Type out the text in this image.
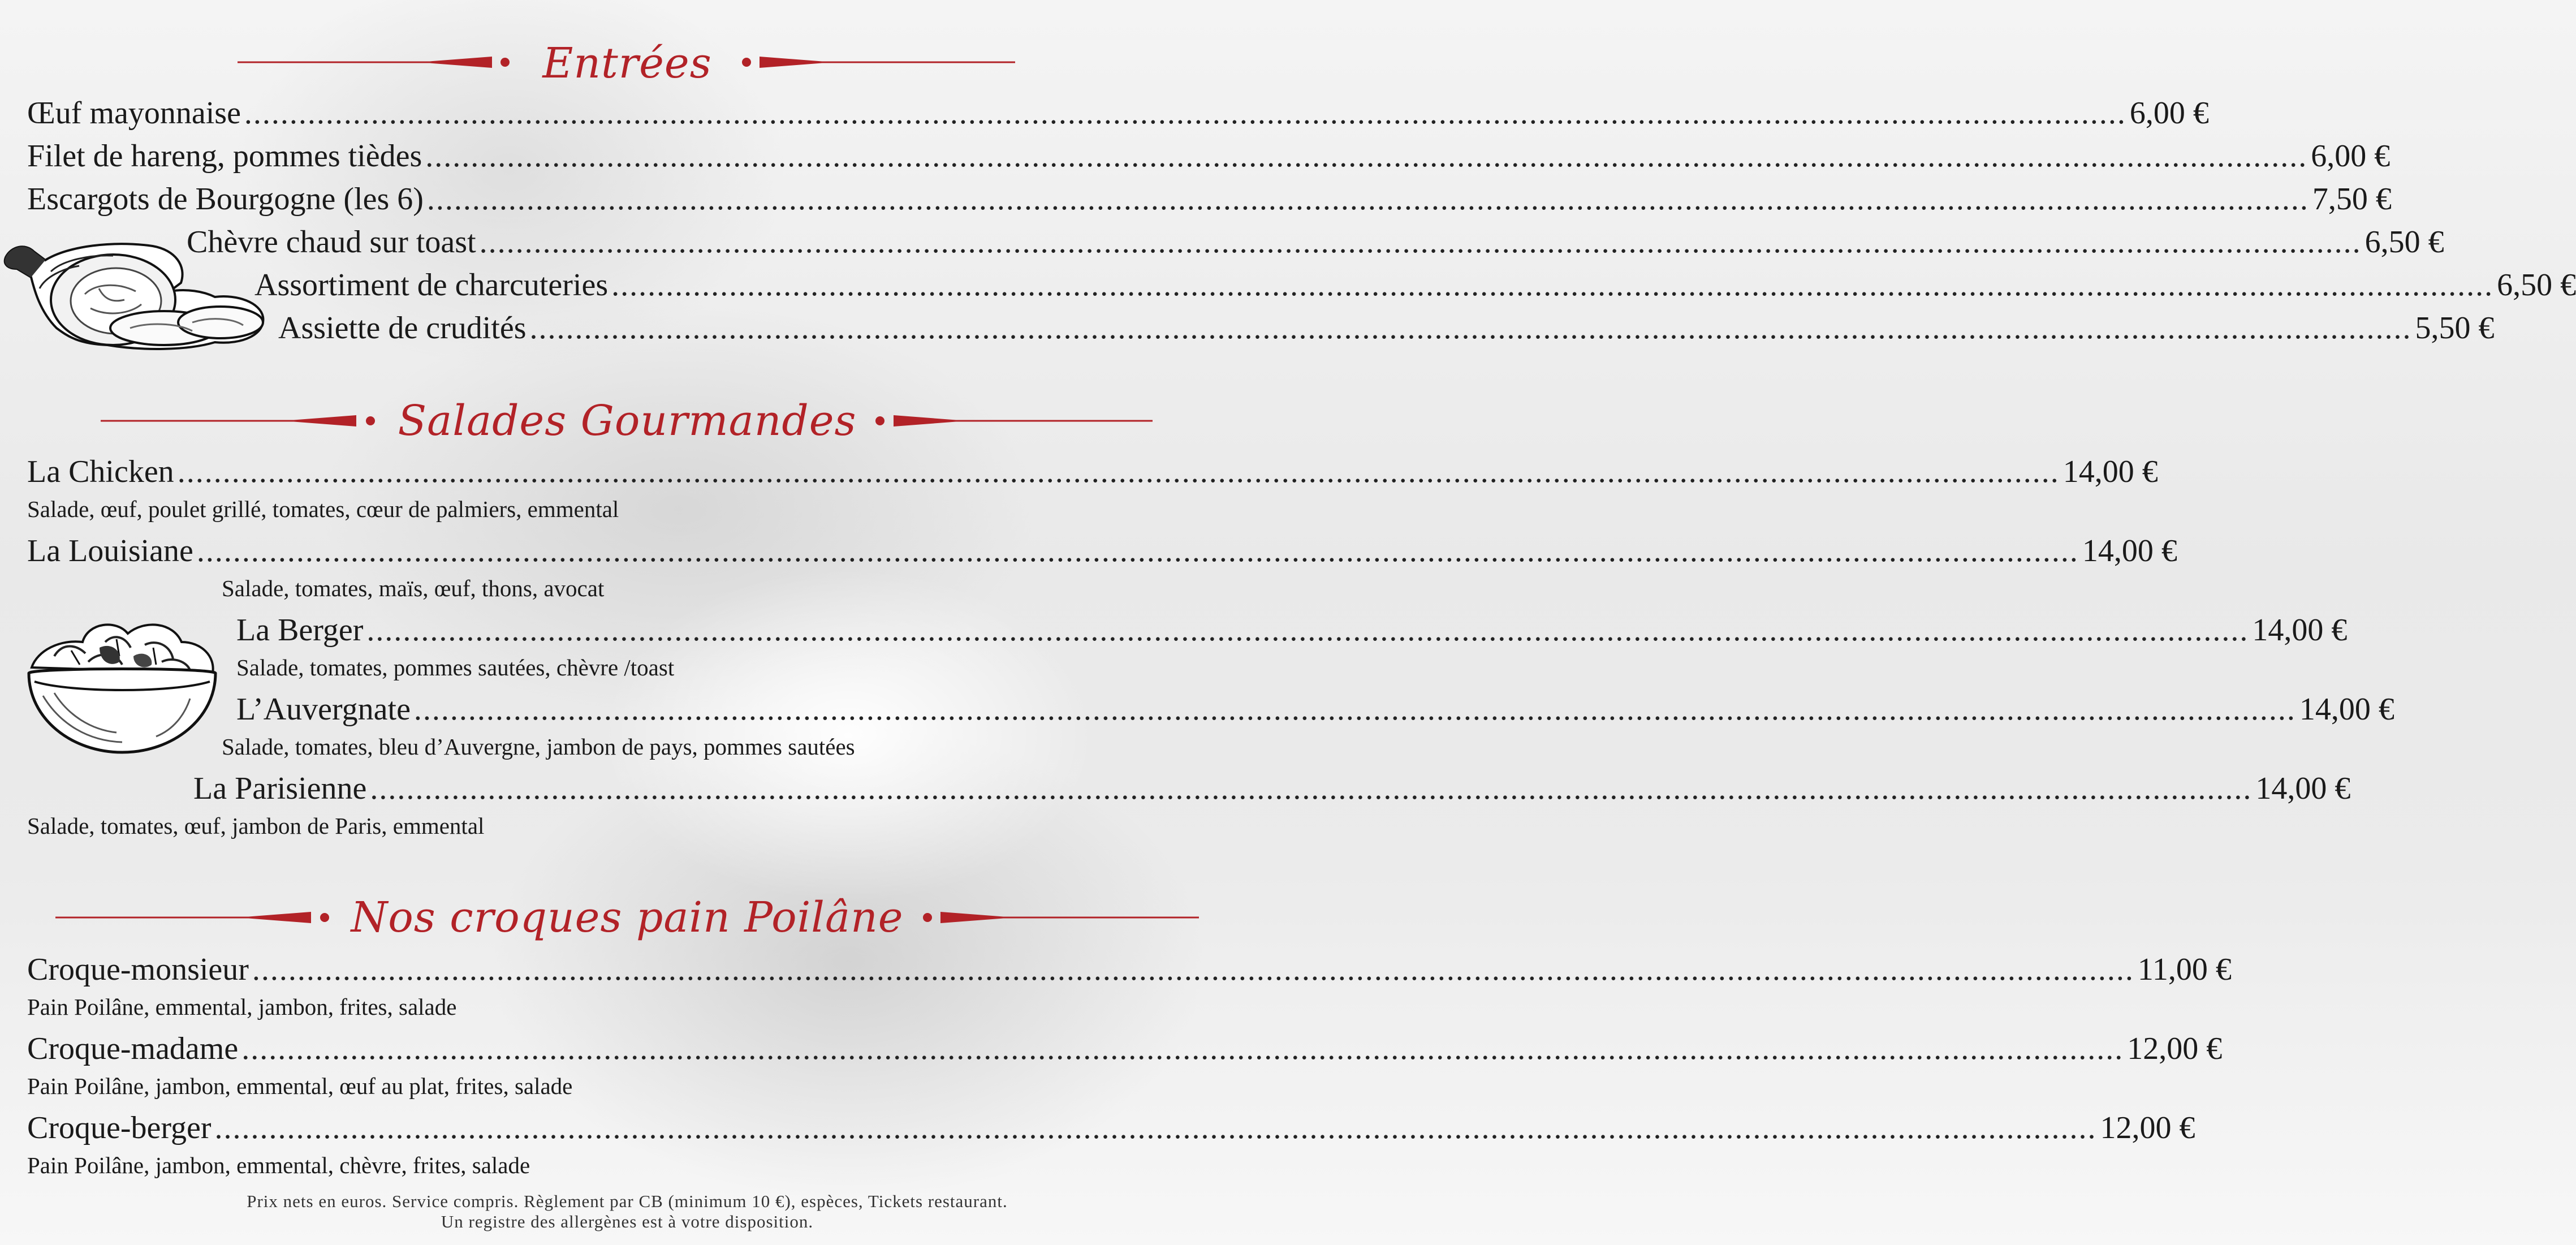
Entrées
Œuf mayonnaise ................................................................................................................................................................................................................ 6,00 €
Filet de hareng, pommes tièdes ................................................................................................................................................................................................................ 6,00 €
Escargots de Bourgogne (les 6) ................................................................................................................................................................................................................ 7,50 €
Chèvre chaud sur toast ................................................................................................................................................................................................................ 6,50 €
Assortiment de charcuteries ................................................................................................................................................................................................................ 6,50 €
Assiette de crudités ................................................................................................................................................................................................................ 5,50 €
Salades Gourmandes
La Chicken ................................................................................................................................................................................................................ 14,00 €
Salade, œuf, poulet grillé, tomates, cœur de palmiers, emmental
La Louisiane ................................................................................................................................................................................................................ 14,00 €
Salade, tomates, maïs, œuf, thons, avocat
La Berger ................................................................................................................................................................................................................ 14,00 €
Salade, tomates, pommes sautées, chèvre /toast
L’Auvergnate ................................................................................................................................................................................................................ 14,00 €
Salade, tomates, bleu d’Auvergne, jambon de pays, pommes sautées
La Parisienne ................................................................................................................................................................................................................ 14,00 €
Salade, tomates, œuf, jambon de Paris, emmental
Nos croques pain Poilâne
Croque-monsieur ................................................................................................................................................................................................................ 11,00 €
Pain Poilâne, emmental, jambon, frites, salade
Croque-madame ................................................................................................................................................................................................................ 12,00 €
Pain Poilâne, jambon, emmental, œuf au plat, frites, salade
Croque-berger ................................................................................................................................................................................................................ 12,00 €
Pain Poilâne, jambon, emmental, chèvre, frites, salade
Prix nets en euros. Service compris. Règlement par CB (minimum 10 €), espèces, Tickets restaurant.
Un registre des allergènes est à votre disposition.
